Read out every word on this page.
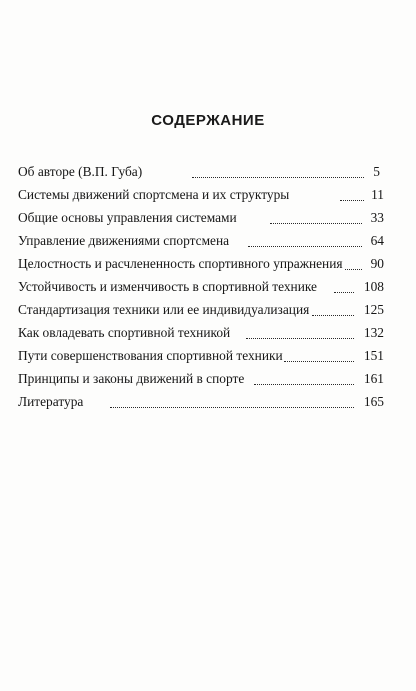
СОДЕРЖАНИЕ
Об авторе (В.П. Губа)	5
Системы движений спортсмена и их структуры	11
Общие основы управления системами	33
Управление движениями спортсмена	64
Целостность и расчлененность спортивного упражнения 90
Устойчивость и изменчивость в спортивной технике	108
Стандартизация техники или ее индивидуализация	125
Как овладевать спортивной техникой	132
Пути совершенствования спортивной техники	151
Принципы и законы движений в спорте	161
Литература	165
